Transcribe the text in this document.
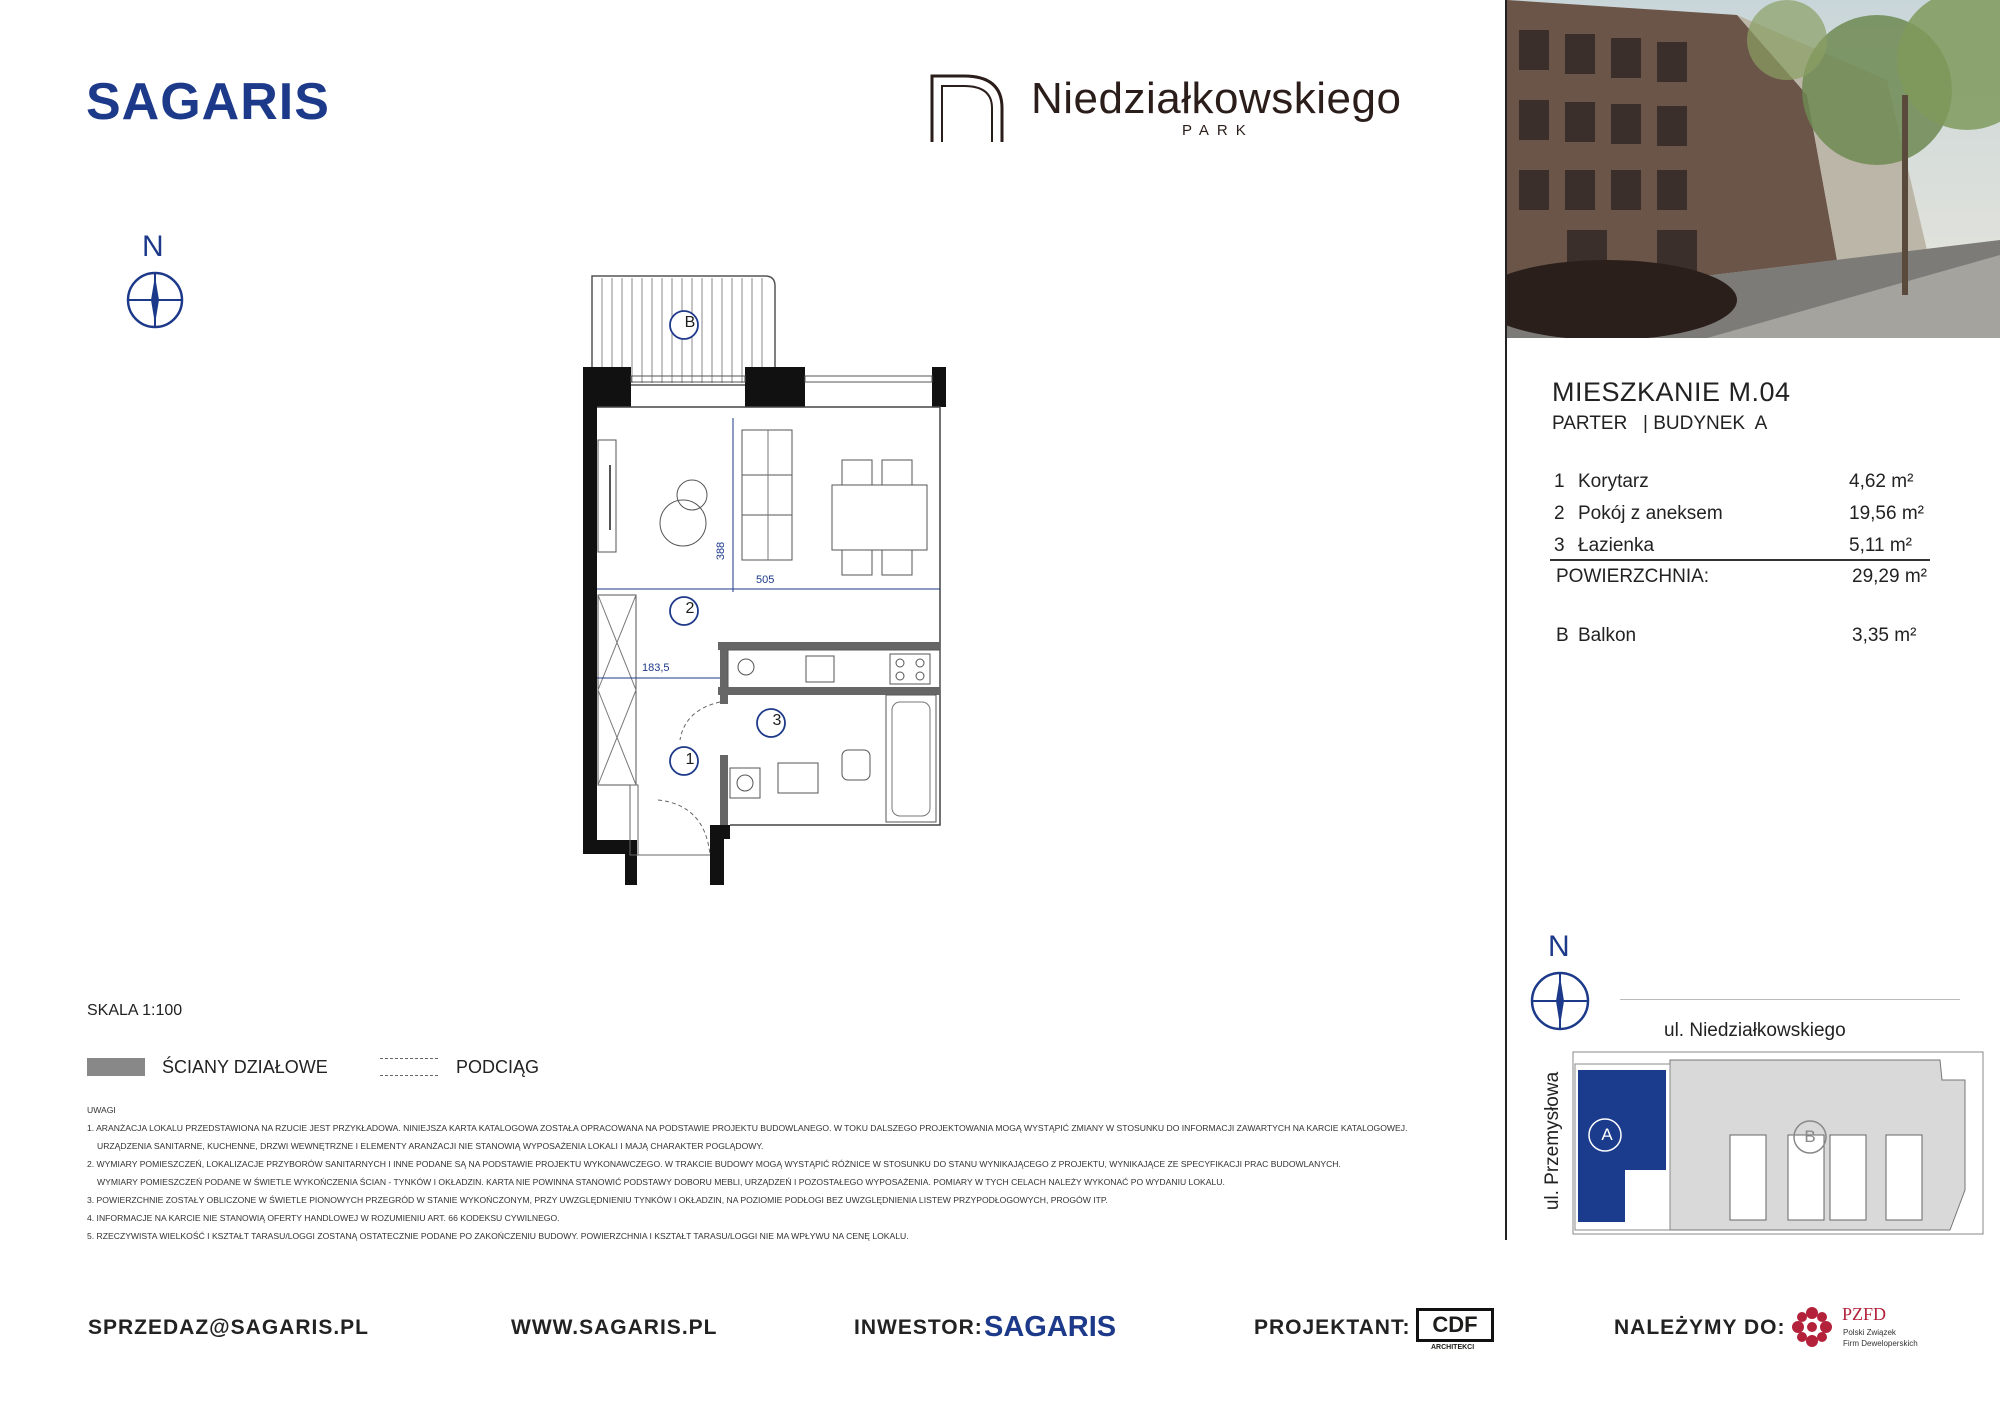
SAGARIS	Niedziałkowskiego
PARK
N
B
2
3
1
388
505
183,5
MIESZKANIE M.04
PARTER | BUDYNEK  A
1	Korytarz	4,62 m²
2	Pokój z aneksem	19,56 m²
3	Łazienka	5,11 m²
POWIERZCHNIA:	29,29 m²
B Balkon	3,35 m²
N
ul. Niedziałkowskiego
ul. Przemysłowa A	B
SKALA 1:100
ŚCIANY DZIAŁOWE	PODCIĄG
UWAGI
1. ARANŻACJA LOKALU PRZEDSTAWIONA NA RZUCIE JEST PRZYKŁADOWA. NINIEJSZA KARTA KATALOGOWA ZOSTAŁA OPRACOWANA NA PODSTAWIE PROJEKTU BUDOWLANEGO. W TOKU DALSZEGO PROJEKTOWANIA MOGĄ WYSTĄPIĆ ZMIANY W STOSUNKU DO INFORMACJI ZAWARTYCH NA KARCIE KATALOGOWEJ.
URZĄDZENIA SANITARNE, KUCHENNE, DRZWI WEWNĘTRZNE I ELEMENTY ARANŻACJI NIE STANOWIĄ WYPOSAŻENIA LOKALI I MAJĄ CHARAKTER POGLĄDOWY.
2. WYMIARY POMIESZCZEŃ, LOKALIZACJE PRZYBORÓW SANITARNYCH I INNE PODANE SĄ NA PODSTAWIE PROJEKTU WYKONAWCZEGO. W TRAKCIE BUDOWY MOGĄ WYSTĄPIĆ RÓŻNICE W STOSUNKU DO STANU WYNIKAJĄCEGO Z PROJEKTU, WYNIKAJĄCE ZE SPECYFIKACJI PRAC BUDOWLANYCH.
WYMIARY POMIESZCZEŃ PODANE W ŚWIETLE WYKOŃCZENIA ŚCIAN - TYNKÓW I OKŁADZIN. KARTA NIE POWINNA STANOWIĆ PODSTAWY DOBORU MEBLI, URZĄDZEŃ I POZOSTAŁEGO WYPOSAŻENIA. POMIARY W TYCH CELACH NALEŻY WYKONAĆ PO WYDANIU LOKALU.
3. POWIERZCHNIE ZOSTAŁY OBLICZONE W ŚWIETLE PIONOWYCH PRZEGRÓD W STANIE WYKOŃCZONYM, PRZY UWZGLĘDNIENIU TYNKÓW I OKŁADZIN, NA POZIOMIE PODŁOGI BEZ UWZGLĘDNIENIA LISTEW PRZYPODŁOGOWYCH, PROGÓW ITP.
4. INFORMACJE NA KARCIE NIE STANOWIĄ OFERTY HANDLOWEJ W ROZUMIENIU ART. 66 KODEKSU CYWILNEGO.
5. RZECZYWISTA WIELKOŚĆ I KSZTAŁT TARASU/LOGGI ZOSTANĄ OSTATECZNIE PODANE PO ZAKOŃCZENIU BUDOWY. POWIERZCHNIA I KSZTAŁT TARASU/LOGGI NIE MA WPŁYWU NA CENĘ LOKALU.
SPRZEDAZ@SAGARIS.PL	WWW.SAGARIS.PL	INWESTOR: SAGARIS	PROJEKTANT: CDF
ARCHITEKCI
NALEŻYMY DO:
PZFD
Polski Związek
Firm Deweloperskich
